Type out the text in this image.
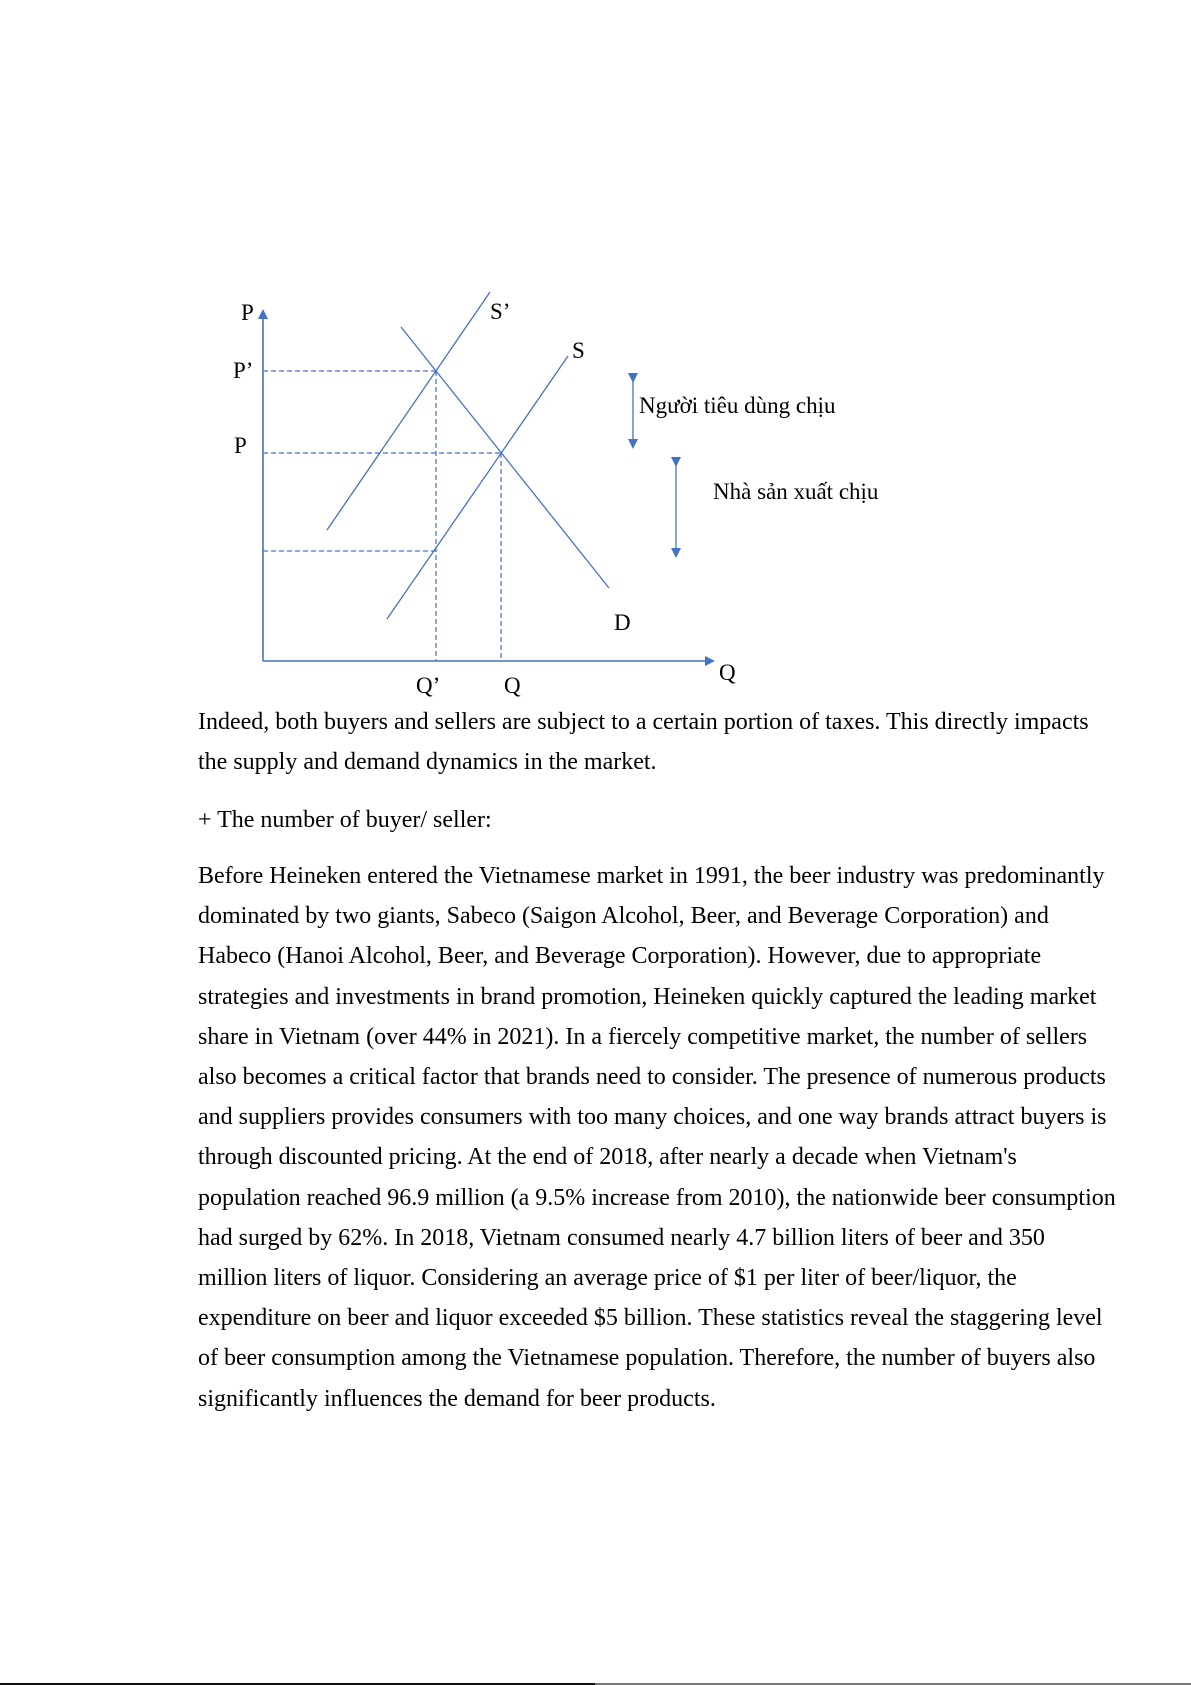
P
P’
P
S’
S
D
Q
Q’	Q
Người tiêu dùng chịu
Nhà sản xuất chịu

Indeed, both buyers and sellers are subject to a certain portion of taxes. This directly impacts the supply and demand dynamics in the market.

+ The number of buyer/ seller:

Before Heineken entered the Vietnamese market in 1991, the beer industry was predominantly dominated by two giants, Sabeco (Saigon Alcohol, Beer, and Beverage Corporation) and Habeco (Hanoi Alcohol, Beer, and Beverage Corporation). However, due to appropriate strategies and investments in brand promotion, Heineken quickly captured the leading market share in Vietnam (over 44% in 2021). In a fiercely competitive market, the number of sellers also becomes a critical factor that brands need to consider. The presence of numerous products and suppliers provides consumers with too many choices, and one way brands attract buyers is through discounted pricing. At the end of 2018, after nearly a decade when Vietnam's population reached 96.9 million (a 9.5% increase from 2010), the nationwide beer consumption had surged by 62%. In 2018, Vietnam consumed nearly 4.7 billion liters of beer and 350 million liters of liquor. Considering an average price of $1 per liter of beer/liquor, the expenditure on beer and liquor exceeded $5 billion. These statistics reveal the staggering level of beer consumption among the Vietnamese population. Therefore, the number of buyers also significantly influences the demand for beer products.
